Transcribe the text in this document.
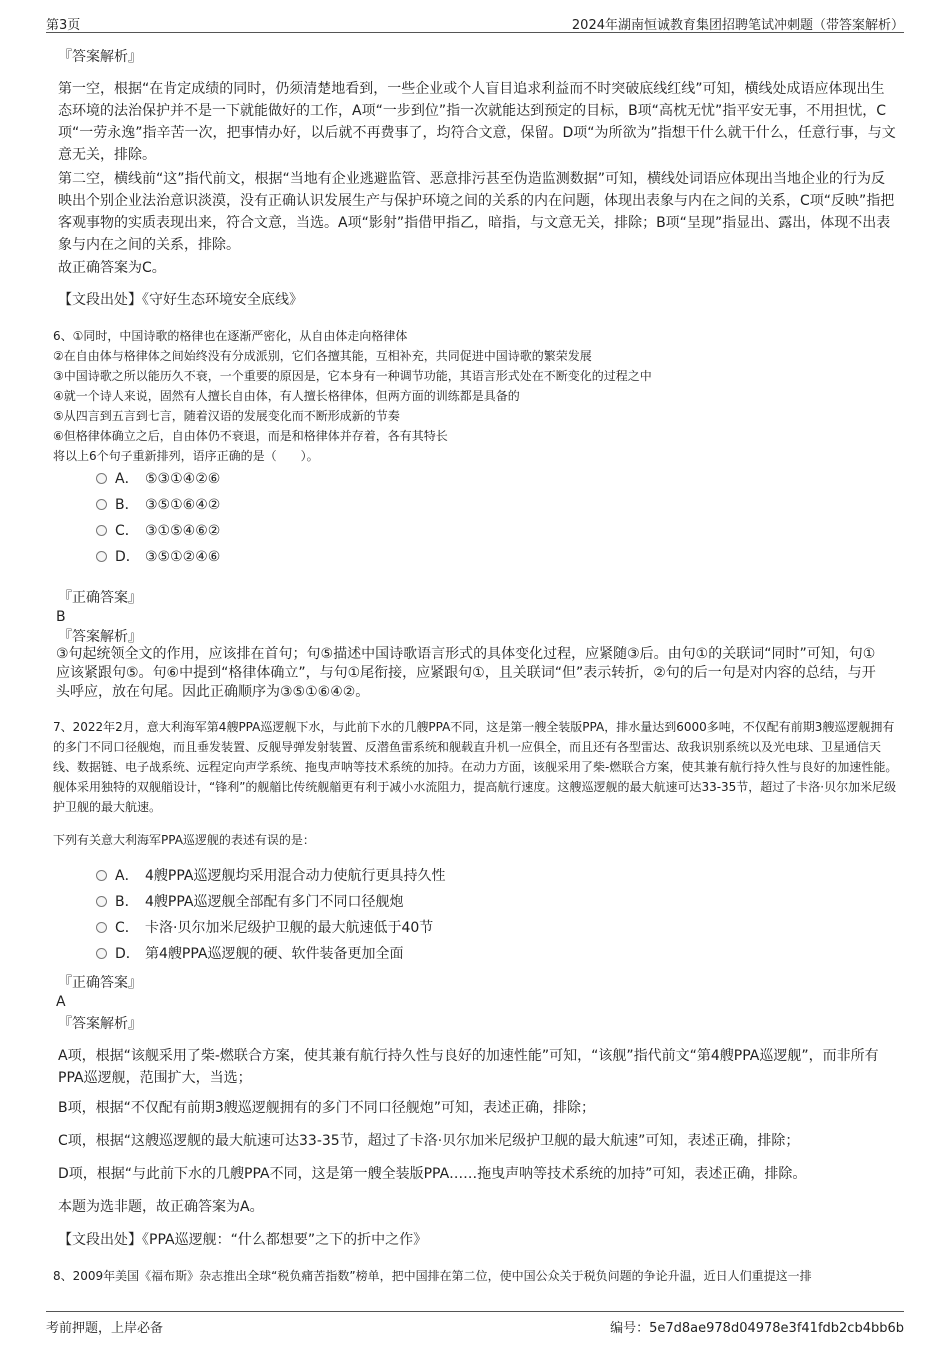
第3页	2024年湖南恒诚教育集团招聘笔试冲刺题（带答案解析）
『答案解析』
第一空，根据“在肯定成绩的同时，仍须清楚地看到，一些企业或个人盲目追求利益而不时突破底线红线”可知，横线处成语应体现出生态环境的法治保护并不是一下就能做好的工作，A项“一步到位”指一次就能达到预定的目标，B项“高枕无忧”指平安无事，不用担忧，C项“一劳永逸”指辛苦一次，把事情办好，以后就不再费事了，均符合文意，保留。D项“为所欲为”指想干什么就干什么，任意行事，与文意无关，排除。
第二空，横线前“这”指代前文，根据“当地有企业逃避监管、恶意排污甚至伪造监测数据”可知，横线处词语应体现出当地企业的行为反映出个别企业法治意识淡漠，没有正确认识发展生产与保护环境之间的关系的内在问题，体现出表象与内在之间的关系，C项“反映”指把客观事物的实质表现出来，符合文意，当选。A项“影射”指借甲指乙，暗指，与文意无关，排除；B项“呈现”指显出、露出，体现不出表象与内在之间的关系，排除。
故正确答案为C。
【文段出处】《守好生态环境安全底线》
6、①同时，中国诗歌的格律也在逐渐严密化，从自由体走向格律体
②在自由体与格律体之间始终没有分成派别，它们各擅其能，互相补充，共同促进中国诗歌的繁荣发展
③中国诗歌之所以能历久不衰，一个重要的原因是，它本身有一种调节功能，其语言形式处在不断变化的过程之中
④就一个诗人来说，固然有人擅长自由体，有人擅长格律体，但两方面的训练都是具备的
⑤从四言到五言到七言，随着汉语的发展变化而不断形成新的节奏
⑥但格律体确立之后，自由体仍不衰退，而是和格律体并存着，各有其特长
将以上6个句子重新排列，语序正确的是（　　）。
A． ⑤③①④②⑥
B． ③⑤①⑥④②
C． ③①⑤④⑥②
D． ③⑤①②④⑥
『正确答案』
B
『答案解析』
③句起统领全文的作用，应该排在首句；句⑤描述中国诗歌语言形式的具体变化过程，应紧随③后。由句①的关联词“同时”可知，句①应该紧跟句⑤。句⑥中提到“格律体确立”，与句①尾衔接，应紧跟句①，且关联词“但”表示转折，②句的后一句是对内容的总结，与开头呼应，放在句尾。因此正确顺序为③⑤①⑥④②。
7、2022年2月，意大利海军第4艘PPA巡逻舰下水，与此前下水的几艘PPA不同，这是第一艘全装版PPA，排水量达到6000多吨，不仅配有前期3艘巡逻舰拥有的多门不同口径舰炮，而且垂发装置、反舰导弹发射装置、反潜鱼雷系统和舰载直升机一应俱全，而且还有各型雷达、敌我识别系统以及光电球、卫星通信天线、数据链、电子战系统、远程定向声学系统、拖曳声呐等技术系统的加持。在动力方面，该舰采用了柴-燃联合方案，使其兼有航行持久性与良好的加速性能。舰体采用独特的双舰艏设计，“锋利”的舰艏比传统舰艏更有利于减小水流阻力，提高航行速度。这艘巡逻舰的最大航速可达33-35节，超过了卡洛·贝尔加米尼级护卫舰的最大航速。
下列有关意大利海军PPA巡逻舰的表述有误的是：
A． 4艘PPA巡逻舰均采用混合动力使航行更具持久性
B． 4艘PPA巡逻舰全部配有多门不同口径舰炮
C． 卡洛·贝尔加米尼级护卫舰的最大航速低于40节
D． 第4艘PPA巡逻舰的硬、软件装备更加全面
『正确答案』
A
『答案解析』
A项，根据“该舰采用了柴-燃联合方案，使其兼有航行持久性与良好的加速性能”可知，“该舰”指代前文“第4艘PPA巡逻舰”，而非所有PPA巡逻舰，范围扩大，当选；
B项，根据“不仅配有前期3艘巡逻舰拥有的多门不同口径舰炮”可知，表述正确，排除；
C项，根据“这艘巡逻舰的最大航速可达33-35节，超过了卡洛·贝尔加米尼级护卫舰的最大航速”可知，表述正确，排除；
D项，根据“与此前下水的几艘PPA不同，这是第一艘全装版PPA……拖曳声呐等技术系统的加持”可知，表述正确，排除。
本题为选非题，故正确答案为A。
【文段出处】《PPA巡逻舰：“什么都想要”之下的折中之作》
8、2009年美国《福布斯》杂志推出全球“税负痛苦指数”榜单，把中国排在第二位，使中国公众关于税负问题的争论升温，近日人们重提这一排
考前押题，上岸必备	编号：5e7d8ae978d04978e3f41fdb2cb4bb6b
